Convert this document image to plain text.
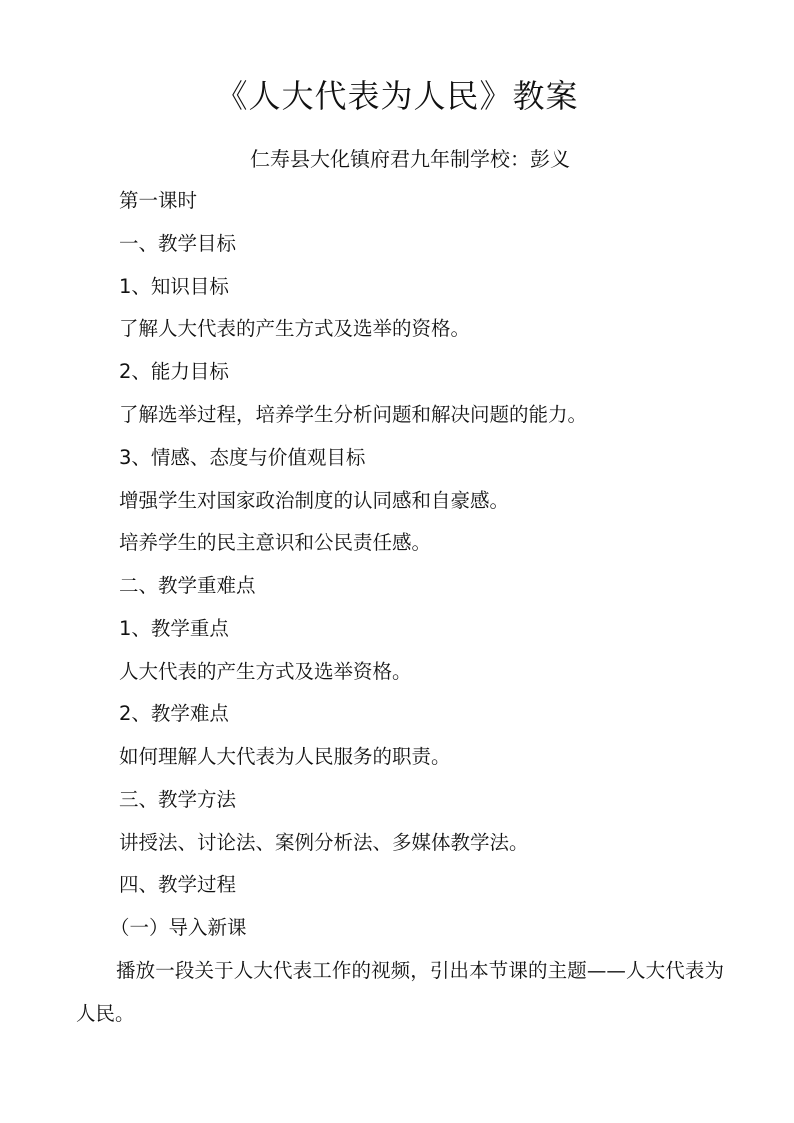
《人大代表为人民》教案

仁寿县大化镇府君九年制学校：彭义

第一课时

一、教学目标

1、知识目标

了解人大代表的产生方式及选举的资格。

2、能力目标

了解选举过程，培养学生分析问题和解决问题的能力。

3、情感、态度与价值观目标

增强学生对国家政治制度的认同感和自豪感。

培养学生的民主意识和公民责任感。

二、教学重难点

1、教学重点

人大代表的产生方式及选举资格。

2、教学难点

如何理解人大代表为人民服务的职责。

三、教学方法

讲授法、讨论法、案例分析法、多媒体教学法。

四、教学过程

（一）导入新课

播放一段关于人大代表工作的视频，引出本节课的主题——人大代表为人民。
